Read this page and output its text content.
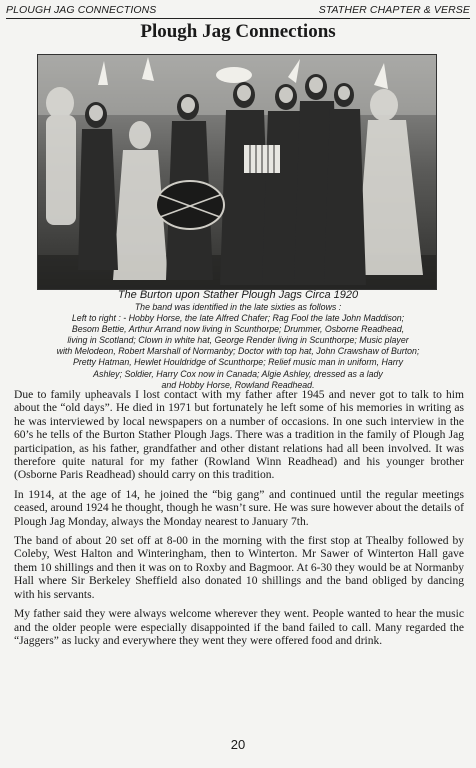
PLOUGH JAG CONNECTIONS	STATHER CHAPTER & VERSE
Plough Jag Connections
The Burton upon Stather Plough Jags Circa 1920
The band was identified in the late sixties as follows :
Left to right : - Hobby Horse, the late Alfred Chafer; Rag Fool the late John Maddison;
Besom Bettie, Arthur Arrand now living in Scunthorpe; Drummer, Osborne Readhead,
living in Scotland; Clown in white hat, George Render living in Scunthorpe; Music player
with Melodeon, Robert Marshall of Normanby; Doctor with top hat, John Crawshaw of Burton;
Pretty Hatman, Hewlet Houldridge of Scunthorpe; Relief music man in uniform, Harry
Ashley; Soldier, Harry Cox now in Canada; Algie Ashley, dressed as a lady
and Hobby Horse, Rowland Readhead.

Due to family upheavals I lost contact with my father after 1945 and never got to talk to him about the “old days”. He died in 1971 but fortunately he left some of his memories in writing as he was interviewed by local newspapers on a number of occasions. In one such interview in the 60’s he tells of the Burton Stather Plough Jags. There was a tradition in the family of Plough Jag participation, as his father, grandfather and other distant relations had all been involved. It was therefore quite natural for my father (Rowland Winn Readhead) and his younger brother (Osborne Paris Readhead) should carry on this tradition.

In 1914, at the age of 14, he joined the “big gang” and continued until the regular meetings ceased, around 1924 he thought, though he wasn’t sure. He was sure however about the details of Plough Jag Monday, always the Monday nearest to January 7th.

The band of about 20 set off at 8-00 in the morning with the first stop at Thealby followed by Coleby, West Halton and Winteringham, then to Winterton. Mr Sawer of Winterton Hall gave them 10 shillings and then it was on to Roxby and Bagmoor. At 6-30 they would be at Normanby Hall where Sir Berkeley Sheffield also donated 10 shillings and the band obliged by dancing with his servants.

My father said they were always welcome wherever they went. People wanted to hear the music and the older people were especially disappointed if the band failed to call. Many regarded the “Jaggers” as lucky and everywhere they went they were offered food and drink.

20
